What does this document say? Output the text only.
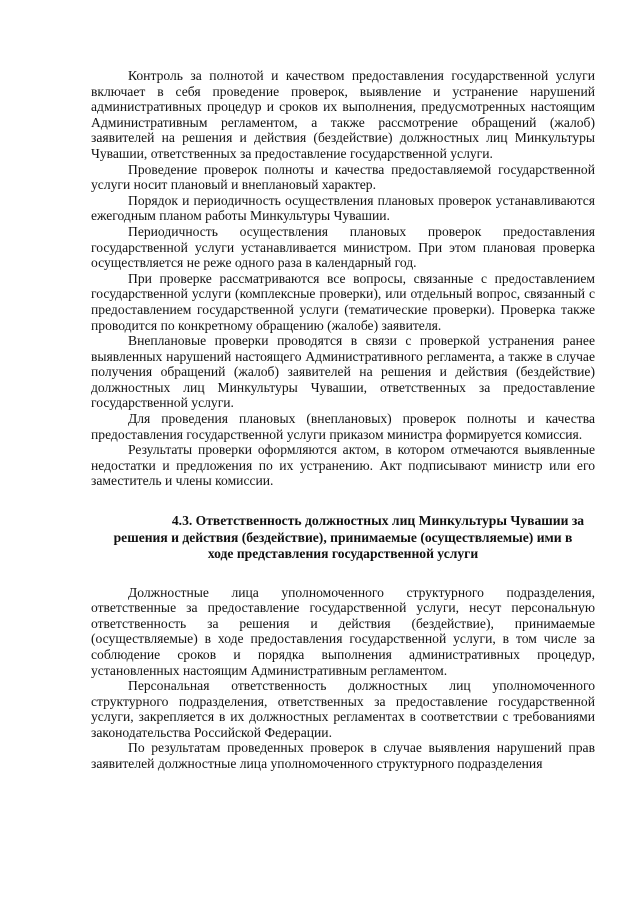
Контроль за полнотой и качеством предоставления государственной услуги включает в себя проведение проверок, выявление и устранение нарушений административных процедур и сроков их выполнения, предусмотренных настоящим Административным регламентом, а также рассмотрение обращений (жалоб) заявителей на решения и действия (бездействие) должностных лиц Минкультуры Чувашии, ответственных за предоставление государственной услуги.

Проведение проверок полноты и качества предоставляемой государственной услуги носит плановый и внеплановый характер.

Порядок и периодичность осуществления плановых проверок устанавливаются ежегодным планом работы Минкультуры Чувашии.

Периодичность осуществления плановых проверок предоставления государственной услуги устанавливается министром. При этом плановая проверка осуществляется не реже одного раза в календарный год.

При проверке рассматриваются все вопросы, связанные с предоставлением государственной услуги (комплексные проверки), или отдельный вопрос, связанный с предоставлением государственной услуги (тематические проверки). Проверка также проводится по конкретному обращению (жалобе) заявителя.

Внеплановые проверки проводятся в связи с проверкой устранения ранее выявленных нарушений настоящего Административного регламента, а также в случае получения обращений (жалоб) заявителей на решения и действия (бездействие) должностных лиц Минкультуры Чувашии, ответственных за предоставление государственной услуги.

Для проведения плановых (внеплановых) проверок полноты и качества предоставления государственной услуги приказом министра формируется комиссия.

Результаты проверки оформляются актом, в котором отмечаются выявленные недостатки и предложения по их устранению. Акт подписывают министр или его заместитель и члены комиссии.

4.3. Ответственность должностных лиц Минкультуры Чувашии за
решения и действия (бездействие), принимаемые (осуществляемые) ими в
ходе представления государственной услуги

Должностные лица уполномоченного структурного подразделения, ответственные за предоставление государственной услуги, несут персональную ответственность за решения и действия (бездействие), принимаемые (осуществляемые) в ходе предоставления государственной услуги, в том числе за соблюдение сроков и порядка выполнения административных процедур, установленных настоящим Административным регламентом.

Персональная ответственность должностных лиц уполномоченного структурного подразделения, ответственных за предоставление государственной услуги, закрепляется в их должностных регламентах в соответствии с требованиями законодательства Российской Федерации.

По результатам проведенных проверок в случае выявления нарушений прав заявителей должностные лица уполномоченного структурного подразделения
